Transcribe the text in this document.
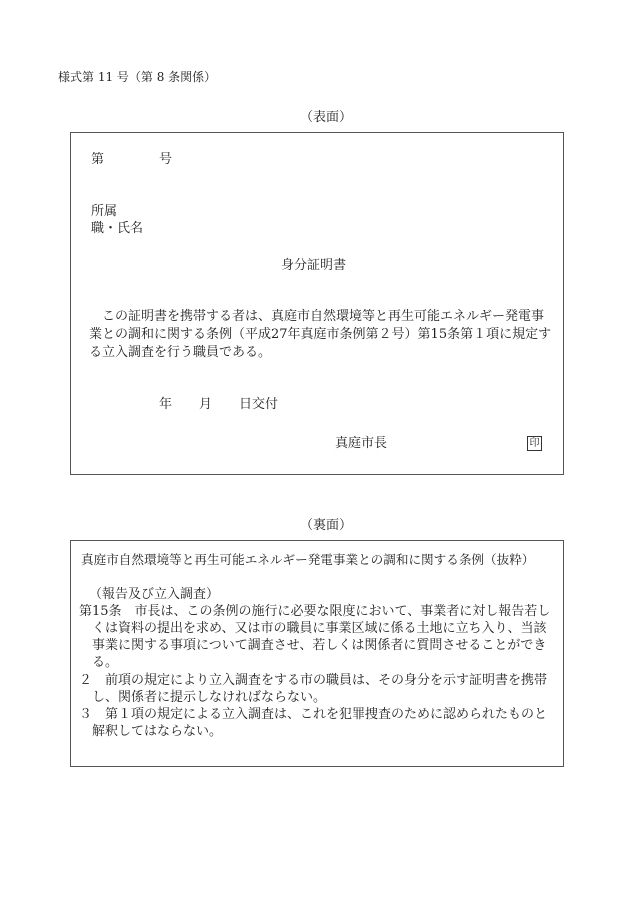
様式第 11 号（第 8 条関係）
（表面）
第	号
所属
職・氏名
身分証明書
　この証明書を携帯する者は、真庭市自然環境等と再生可能エネルギー発電事
業との調和に関する条例（平成27年真庭市条例第２号）第15条第１項に規定す
る立入調査を行う職員である。
年 月 日交付
真庭市長	印
（裏面）
真庭市自然環境等と再生可能エネルギー発電事業との調和に関する条例（抜粋）
（報告及び立入調査）
第15条　市長は、この条例の施行に必要な限度において、事業者に対し報告若し
くは資料の提出を求め、又は市の職員に事業区域に係る土地に立ち入り、当該
事業に関する事項について調査させ、若しくは関係者に質問させることができ
る。
２　前項の規定により立入調査をする市の職員は、その身分を示す証明書を携帯
し、関係者に提示しなければならない。
３　第１項の規定による立入調査は、これを犯罪捜査のために認められたものと
解釈してはならない。
